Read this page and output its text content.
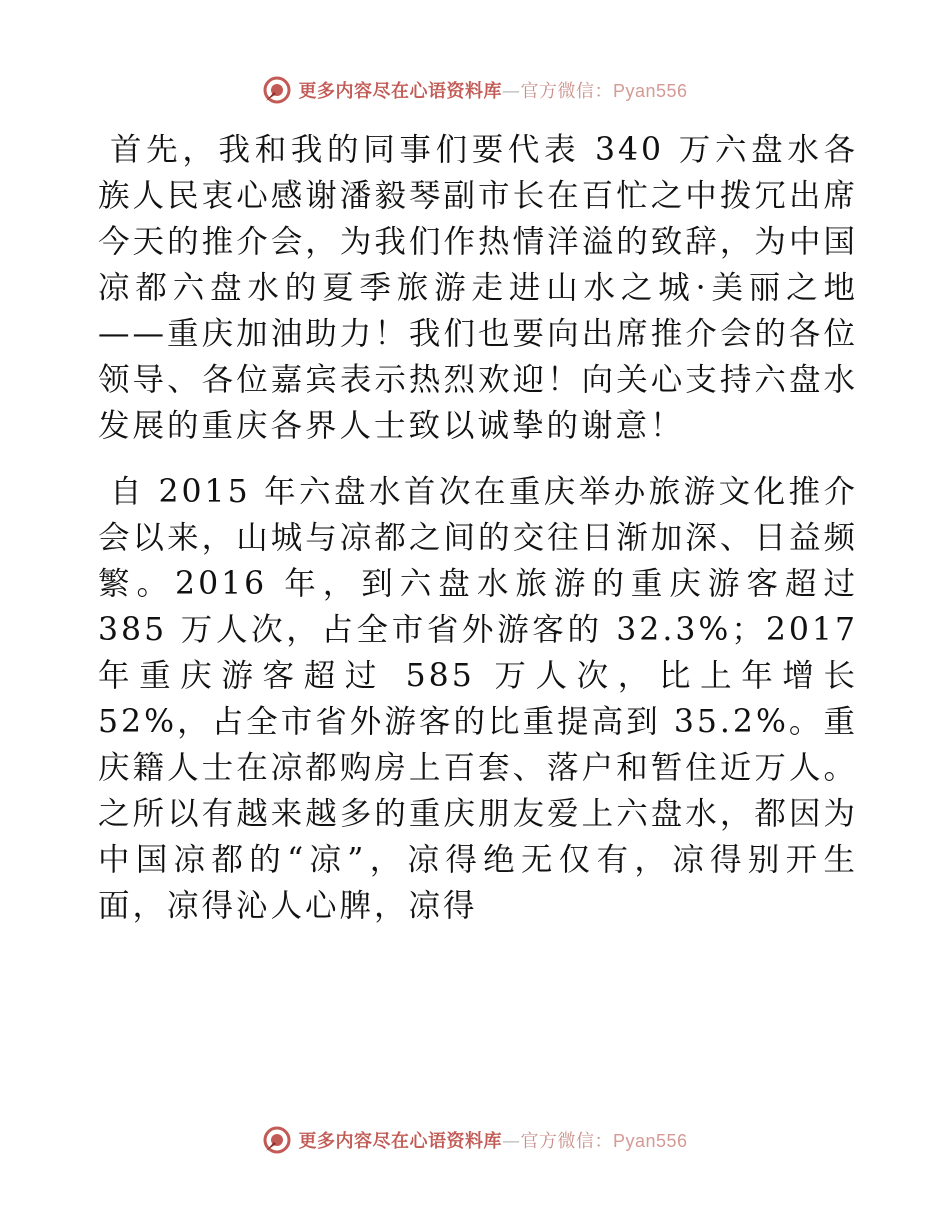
更多内容尽在心语资料库—官方微信：Pyan556

首先，我和我的同事们要代表 340 万六盘水各族人民衷心感谢潘毅琴副市长在百忙之中拨冗出席今天的推介会，为我们作热情洋溢的致辞，为中国凉都六盘水的夏季旅游走进山水之城·美丽之地——重庆加油助力！我们也要向出席推介会的各位领导、各位嘉宾表示热烈欢迎！向关心支持六盘水发展的重庆各界人士致以诚挚的谢意！

自 2015 年六盘水首次在重庆举办旅游文化推介会以来，山城与凉都之间的交往日渐加深、日益频繁。2016 年，到六盘水旅游的重庆游客超过 385 万人次，占全市省外游客的 32.3%；2017 年重庆游客超过 585 万人次，比上年增长 52%，占全市省外游客的比重提高到 35.2%。重庆籍人士在凉都购房上百套、落户和暂住近万人。之所以有越来越多的重庆朋友爱上六盘水，都因为中国凉都的“凉”，凉得绝无仅有，凉得别开生面，凉得沁人心脾，凉得

更多内容尽在心语资料库—官方微信：Pyan556
